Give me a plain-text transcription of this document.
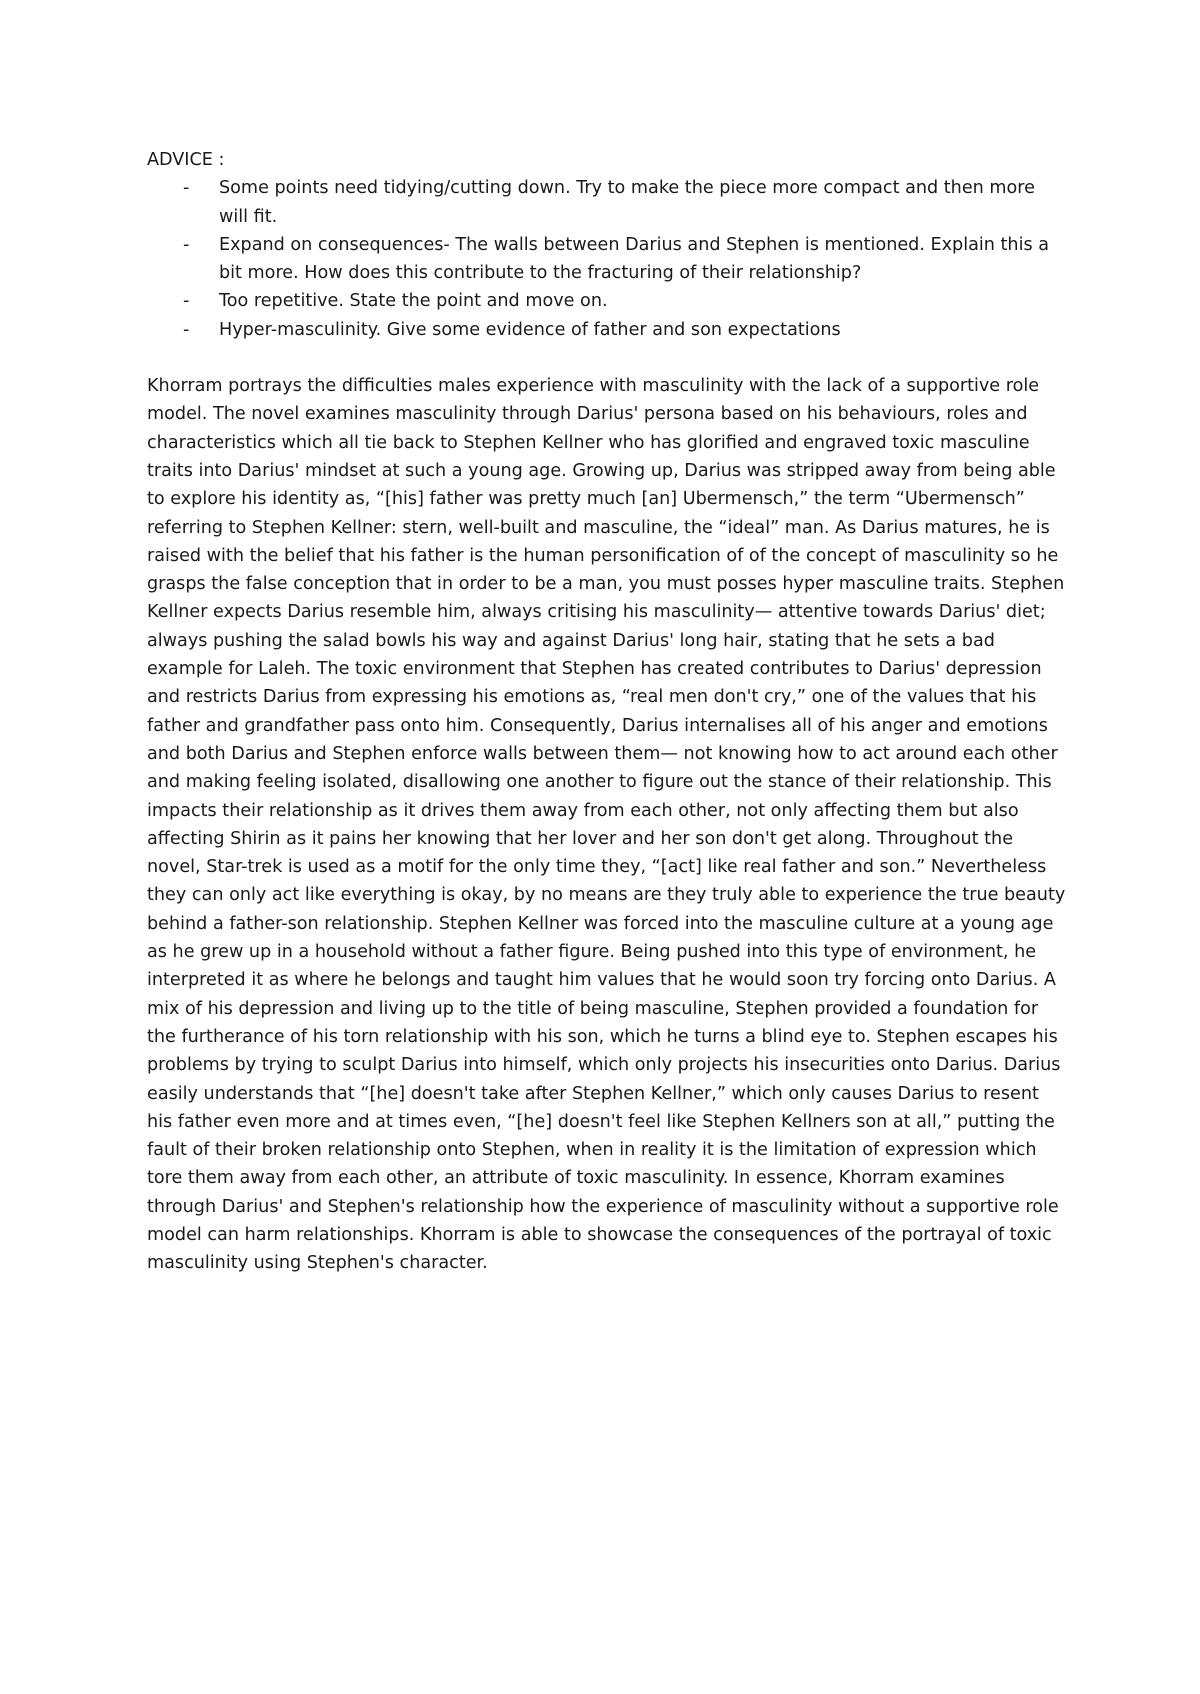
ADVICE :

- Some points need tidying/cutting down. Try to make the piece more compact and then more will fit.
- Expand on consequences- The walls between Darius and Stephen is mentioned. Explain this a bit more. How does this contribute to the fracturing of their relationship?
- Too repetitive. State the point and move on.
- Hyper-masculinity. Give some evidence of father and son expectations

Khorram portrays the difficulties males experience with masculinity with the lack of a supportive role model. The novel examines masculinity through Darius' persona based on his behaviours, roles and characteristics which all tie back to Stephen Kellner who has glorified and engraved toxic masculine traits into Darius' mindset at such a young age. Growing up, Darius was stripped away from being able to explore his identity as, “[his] father was pretty much [an] Ubermensch,” the term “Ubermensch” referring to Stephen Kellner: stern, well-built and masculine, the “ideal” man. As Darius matures, he is raised with the belief that his father is the human personification of of the concept of masculinity so he grasps the false conception that in order to be a man, you must posses hyper masculine traits. Stephen Kellner expects Darius resemble him, always critising his masculinity— attentive towards Darius' diet; always pushing the salad bowls his way and against Darius' long hair, stating that he sets a bad example for Laleh. The toxic environment that Stephen has created contributes to Darius' depression and restricts Darius from expressing his emotions as, “real men don't cry,” one of the values that his father and grandfather pass onto him. Consequently, Darius internalises all of his anger and emotions and both Darius and Stephen enforce walls between them— not knowing how to act around each other and making feeling isolated, disallowing one another to figure out the stance of their relationship. This impacts their relationship as it drives them away from each other, not only affecting them but also affecting Shirin as it pains her knowing that her lover and her son don't get along. Throughout the novel, Star-trek is used as a motif for the only time they, “[act] like real father and son.” Nevertheless they can only act like everything is okay, by no means are they truly able to experience the true beauty behind a father-son relationship. Stephen Kellner was forced into the masculine culture at a young age as he grew up in a household without a father figure. Being pushed into this type of environment, he interpreted it as where he belongs and taught him values that he would soon try forcing onto Darius. A mix of his depression and living up to the title of being masculine, Stephen provided a foundation for the furtherance of his torn relationship with his son, which he turns a blind eye to. Stephen escapes his problems by trying to sculpt Darius into himself, which only projects his insecurities onto Darius. Darius easily understands that “[he] doesn't take after Stephen Kellner,” which only causes Darius to resent his father even more and at times even, “[he] doesn't feel like Stephen Kellners son at all,” putting the fault of their broken relationship onto Stephen, when in reality it is the limitation of expression which tore them away from each other, an attribute of toxic masculinity. In essence, Khorram examines through Darius' and Stephen's relationship how the experience of masculinity without a supportive role model can harm relationships. Khorram is able to showcase the consequences of the portrayal of toxic masculinity using Stephen's character.
